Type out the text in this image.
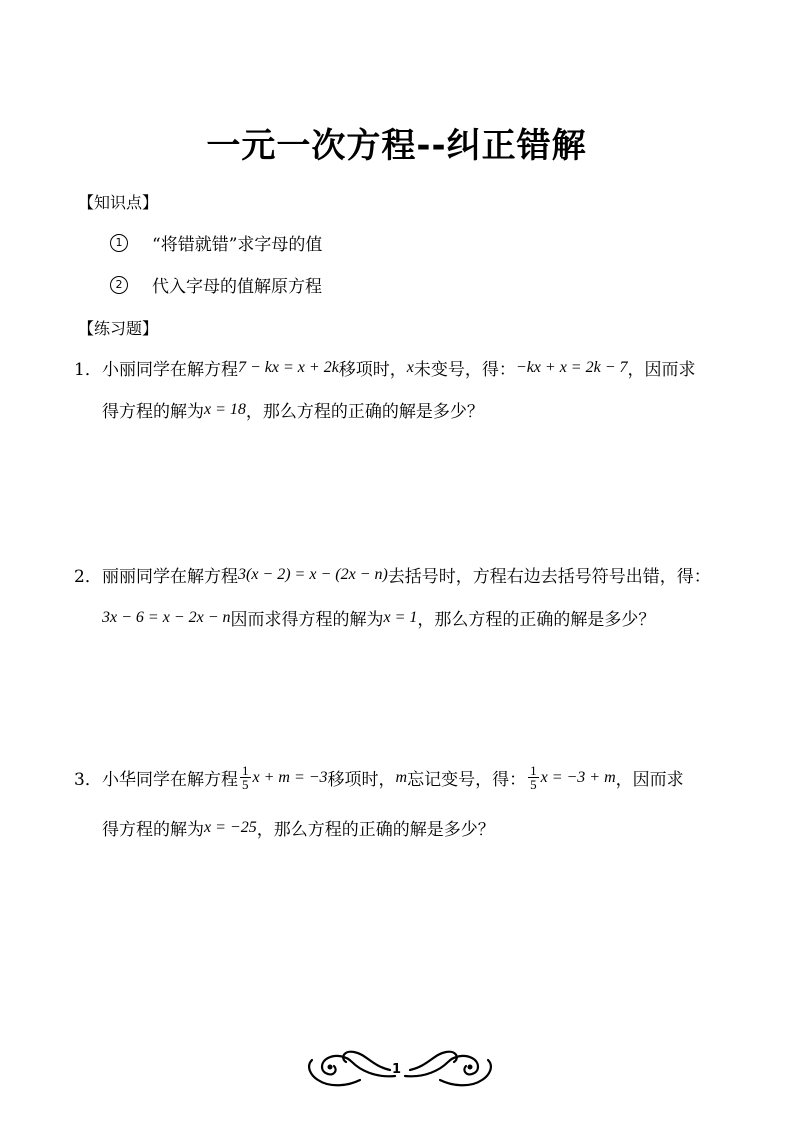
一元一次方程--纠正错解
【知识点】
1	“将错就错”求字母的值
2	代入字母的值解原方程
【练习题】
1． 小丽同学在解方程 7 − kx = x + 2k 移项时， x 未变号，得： −kx + x = 2k − 7 ，因而求
得方程的解为 x = 18 ，那么方程的正确的解是多少？
2． 丽丽同学在解方程 3(x − 2) = x − (2x − n) 去括号时，方程右边去括号符号出错，得：
3x − 6 = x − 2x − n 因而求得方程的解为 x = 1 ，那么方程的正确的解是多少？
3． 小华同学在解方程 $\frac{1}{5}$ x + m = −3 移项时， m 忘记变号，得： $\frac{1}{5}$ x = −3 + m ，因而求
得方程的解为 x = −25 ，那么方程的正确的解是多少？
1
